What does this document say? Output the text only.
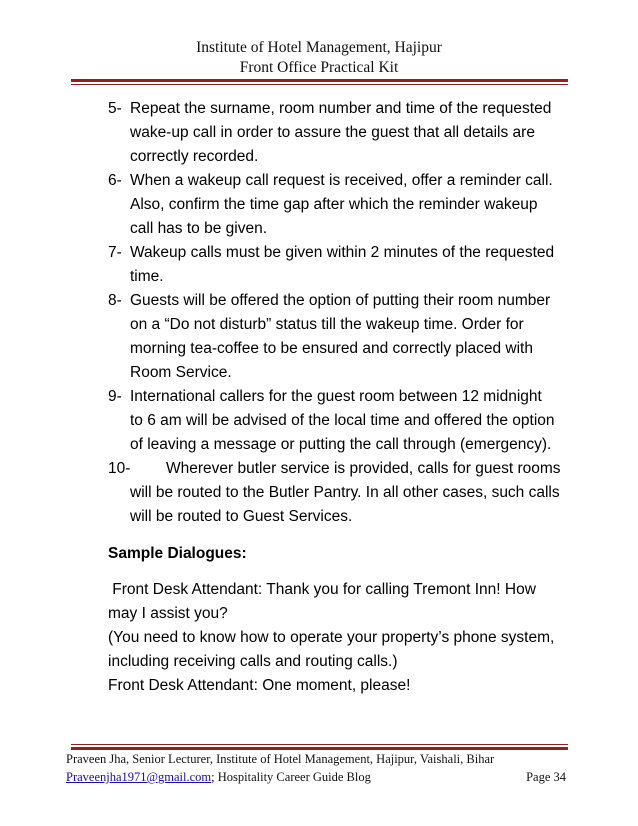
Institute of Hotel Management, Hajipur
Front Office Practical Kit
5- Repeat the surname, room number and time of the requested
wake-up call in order to assure the guest that all details are
correctly recorded.
6- When a wakeup call request is received, offer a reminder call.
Also, confirm the time gap after which the reminder wakeup
call has to be given.
7- Wakeup calls must be given within 2 minutes of the requested
time.
8- Guests will be offered the option of putting their room number
on a “Do not disturb” status till the wakeup time. Order for
morning tea-coffee to be ensured and correctly placed with
Room Service.
9- International callers for the guest room between 12 midnight
to 6 am will be advised of the local time and offered the option
of leaving a message or putting the call through (emergency).
10-	Wherever butler service is provided, calls for guest rooms
will be routed to the Butler Pantry. In all other cases, such calls
will be routed to Guest Services.
Sample Dialogues:
Front Desk Attendant: Thank you for calling Tremont Inn! How
may I assist you?
(You need to know how to operate your property’s phone system,
including receiving calls and routing calls.)
Front Desk Attendant: One moment, please!
Praveen Jha, Senior Lecturer, Institute of Hotel Management, Hajipur, Vaishali, Bihar
Praveenjha1971@gmail.com; Hospitality Career Guide Blog	Page 34
